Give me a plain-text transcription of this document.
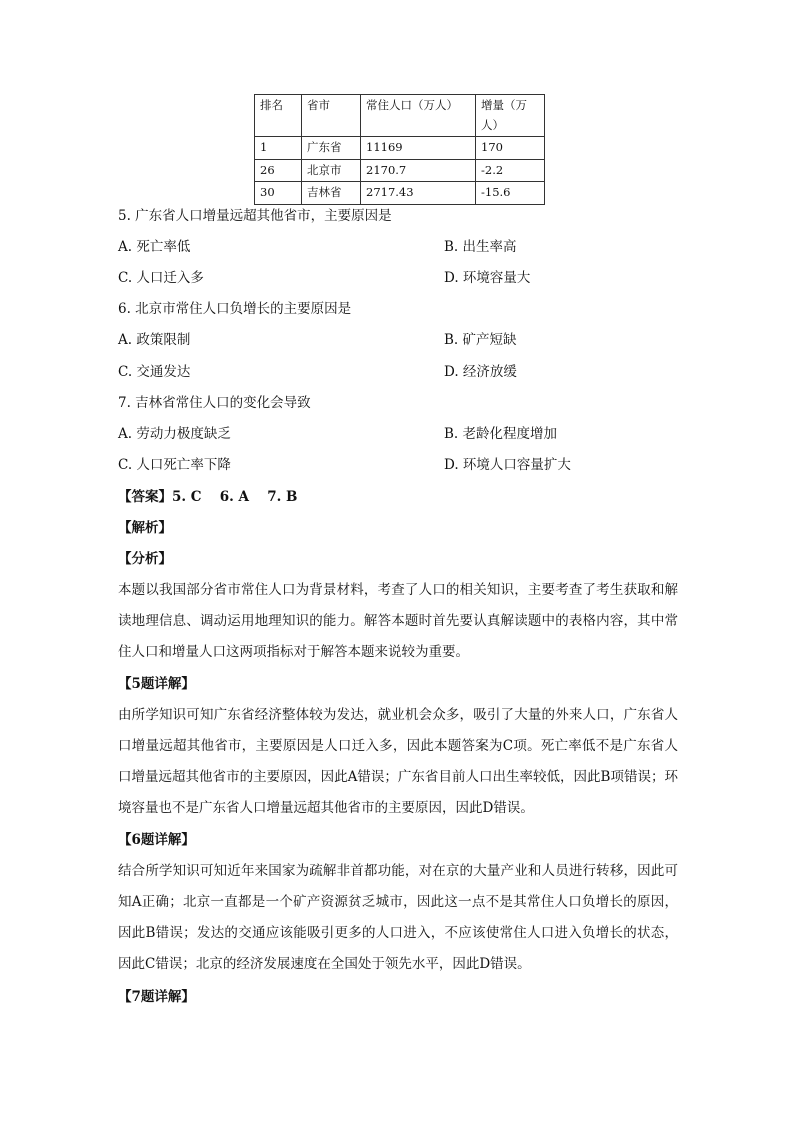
排名	省市	常住人口（万人）	增量（万人）
1	广东省	11169	170
26	北京市	2170.7	-2.2
30	吉林省	2717.43	-15.6
5. 广东省人口增量远超其他省市，主要原因是
A. 死亡率低	B. 出生率高
C. 人口迁入多	D. 环境容量大
6. 北京市常住人口负增长的主要原因是
A. 政策限制	B. 矿产短缺
C. 交通发达	D. 经济放缓
7. 吉林省常住人口的变化会导致
A. 劳动力极度缺乏	B. 老龄化程度增加
C. 人口死亡率下降	D. 环境人口容量扩大
【答案】5. C　 6. A　 7. B
【解析】
【分析】
本题以我国部分省市常住人口为背景材料，考查了人口的相关知识，主要考查了考生获取和解读地理信息、调动运用地理知识的能力。解答本题时首先要认真解读题中的表格内容，其中常住人口和增量人口这两项指标对于解答本题来说较为重要。
【5题详解】
由所学知识可知广东省经济整体较为发达，就业机会众多，吸引了大量的外来人口，广东省人口增量远超其他省市，主要原因是人口迁入多，因此本题答案为C项。死亡率低不是广东省人口增量远超其他省市的主要原因，因此A错误；广东省目前人口出生率较低，因此B项错误；环境容量也不是广东省人口增量远超其他省市的主要原因，因此D错误。
【6题详解】
结合所学知识可知近年来国家为疏解非首都功能，对在京的大量产业和人员进行转移，因此可知A正确；北京一直都是一个矿产资源贫乏城市，因此这一点不是其常住人口负增长的原因，因此B错误；发达的交通应该能吸引更多的人口进入，不应该使常住人口进入负增长的状态，因此C错误；北京的经济发展速度在全国处于领先水平，因此D错误。
【7题详解】
